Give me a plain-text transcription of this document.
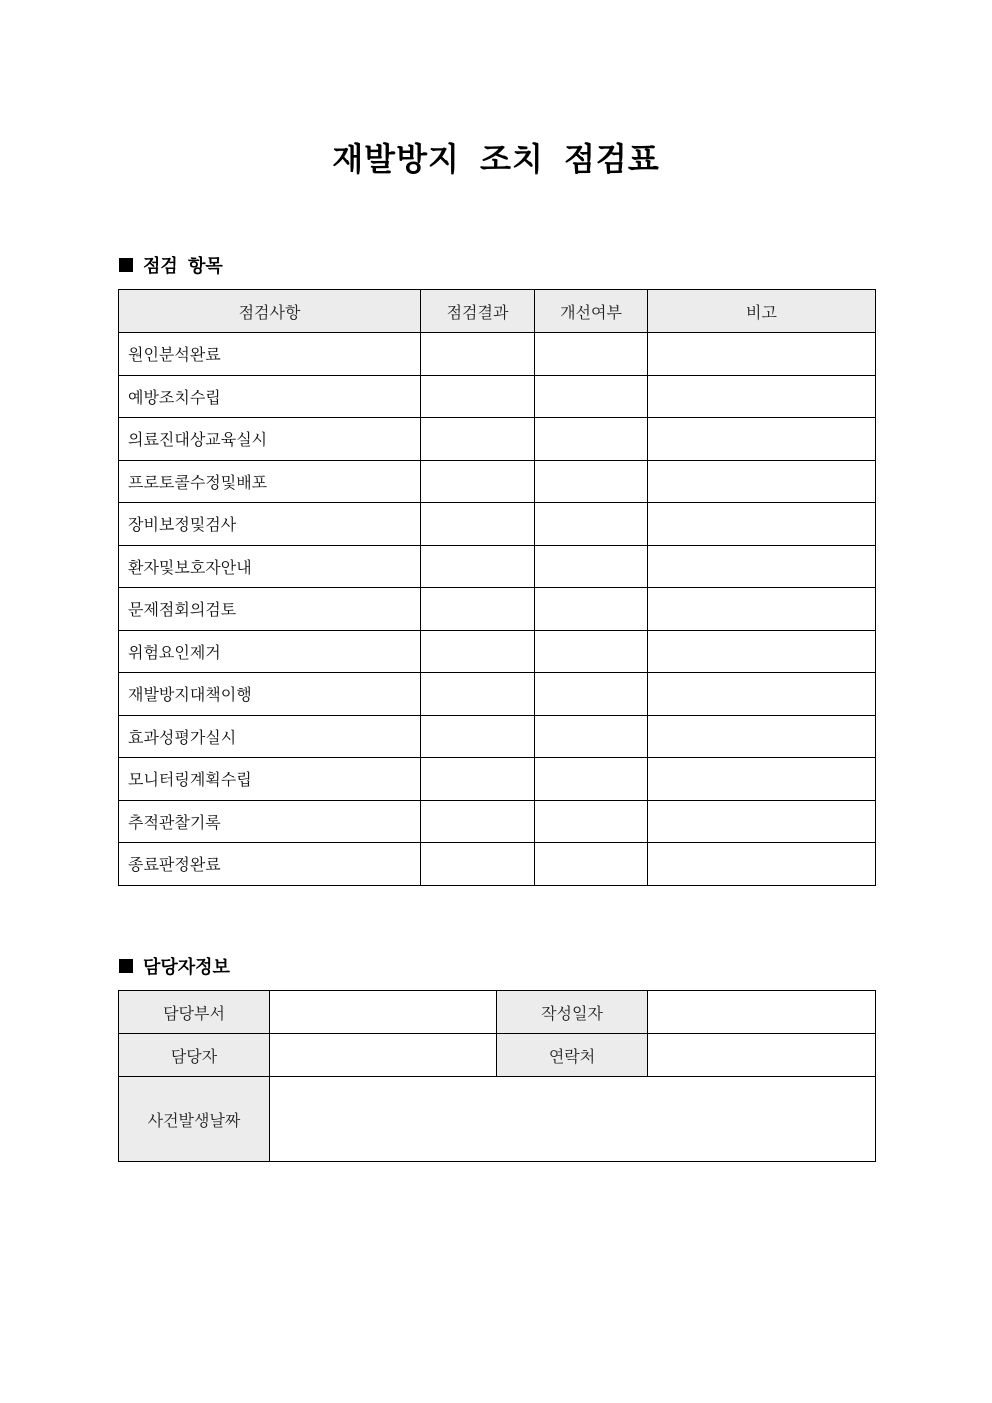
재발방지 조치 점검표
점검 항목
점검사항	점검결과	개선여부	비고
원인분석완료			
예방조치수립			
의료진대상교육실시			
프로토콜수정및배포			
장비보정및검사			
환자및보호자안내			
문제점회의검토			
위험요인제거			
재발방지대책이행			
효과성평가실시			
모니터링계획수립			
추적관찰기록			
종료판정완료			
담당자정보
담당부서		작성일자	
담당자		연락처	
사건발생날짜			
